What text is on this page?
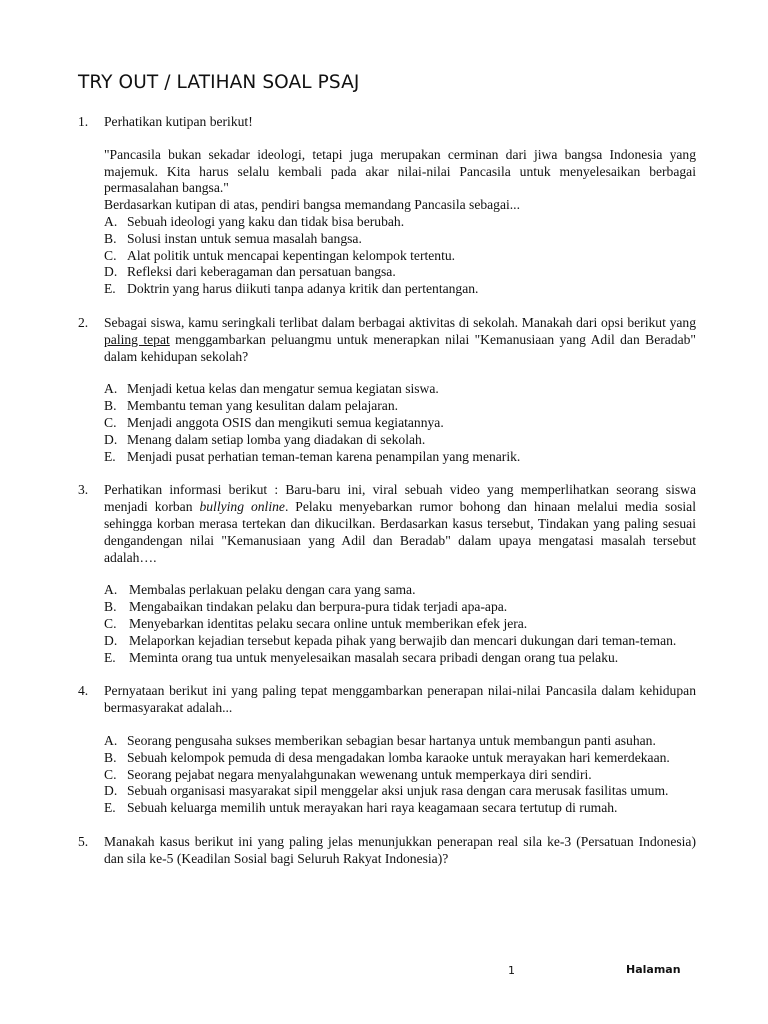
TRY OUT / LATIHAN SOAL PSAJ
1.	Perhatikan kutipan berikut!

"Pancasila bukan sekadar ideologi, tetapi juga merupakan cerminan dari jiwa bangsa Indonesia yang majemuk. Kita harus selalu kembali pada akar nilai-nilai Pancasila untuk menyelesaikan berbagai permasalahan bangsa."

Berdasarkan kutipan di atas, pendiri bangsa memandang Pancasila sebagai...

A. Sebuah ideologi yang kaku dan tidak bisa berubah.
B. Solusi instan untuk semua masalah bangsa.
C. Alat politik untuk mencapai kepentingan kelompok tertentu.
D. Refleksi dari keberagaman dan persatuan bangsa.
E. Doktrin yang harus diikuti tanpa adanya kritik dan pertentangan.
2.	Sebagai siswa, kamu seringkali terlibat dalam berbagai aktivitas di sekolah. Manakah dari opsi berikut yang paling tepat menggambarkan peluangmu untuk menerapkan nilai "Kemanusiaan yang Adil dan Beradab" dalam kehidupan sekolah?

A. Menjadi ketua kelas dan mengatur semua kegiatan siswa.
B. Membantu teman yang kesulitan dalam pelajaran.
C. Menjadi anggota OSIS dan mengikuti semua kegiatannya.
D. Menang dalam setiap lomba yang diadakan di sekolah.
E. Menjadi pusat perhatian teman-teman karena penampilan yang menarik.
3.	Perhatikan informasi berikut : Baru-baru ini, viral sebuah video yang memperlihatkan seorang siswa menjadi korban bullying online. Pelaku menyebarkan rumor bohong dan hinaan melalui media sosial sehingga korban merasa tertekan dan dikucilkan. Berdasarkan kasus tersebut, Tindakan yang paling sesuai dengandengan nilai "Kemanusiaan yang Adil dan Beradab" dalam upaya mengatasi masalah tersebut adalah….

A. Membalas perlakuan pelaku dengan cara yang sama.
B. Mengabaikan tindakan pelaku dan berpura-pura tidak terjadi apa-apa.
C. Menyebarkan identitas pelaku secara online untuk memberikan efek jera.
D. Melaporkan kejadian tersebut kepada pihak yang berwajib dan mencari dukungan dari teman-teman.
E. Meminta orang tua untuk menyelesaikan masalah secara pribadi dengan orang tua pelaku.
4.	Pernyataan berikut ini yang paling tepat menggambarkan penerapan nilai-nilai Pancasila dalam kehidupan bermasyarakat adalah...

A. Seorang pengusaha sukses memberikan sebagian besar hartanya untuk membangun panti asuhan.
B. Sebuah kelompok pemuda di desa mengadakan lomba karaoke untuk merayakan hari kemerdekaan.
C. Seorang pejabat negara menyalahgunakan wewenang untuk memperkaya diri sendiri.
D. Sebuah organisasi masyarakat sipil menggelar aksi unjuk rasa dengan cara merusak fasilitas umum.
E. Sebuah keluarga memilih untuk merayakan hari raya keagamaan secara tertutup di rumah.
5.	Manakah kasus berikut ini yang paling jelas menunjukkan penerapan real sila ke-3 (Persatuan Indonesia) dan sila ke-5 (Keadilan Sosial bagi Seluruh Rakyat Indonesia)?

1	Halaman
